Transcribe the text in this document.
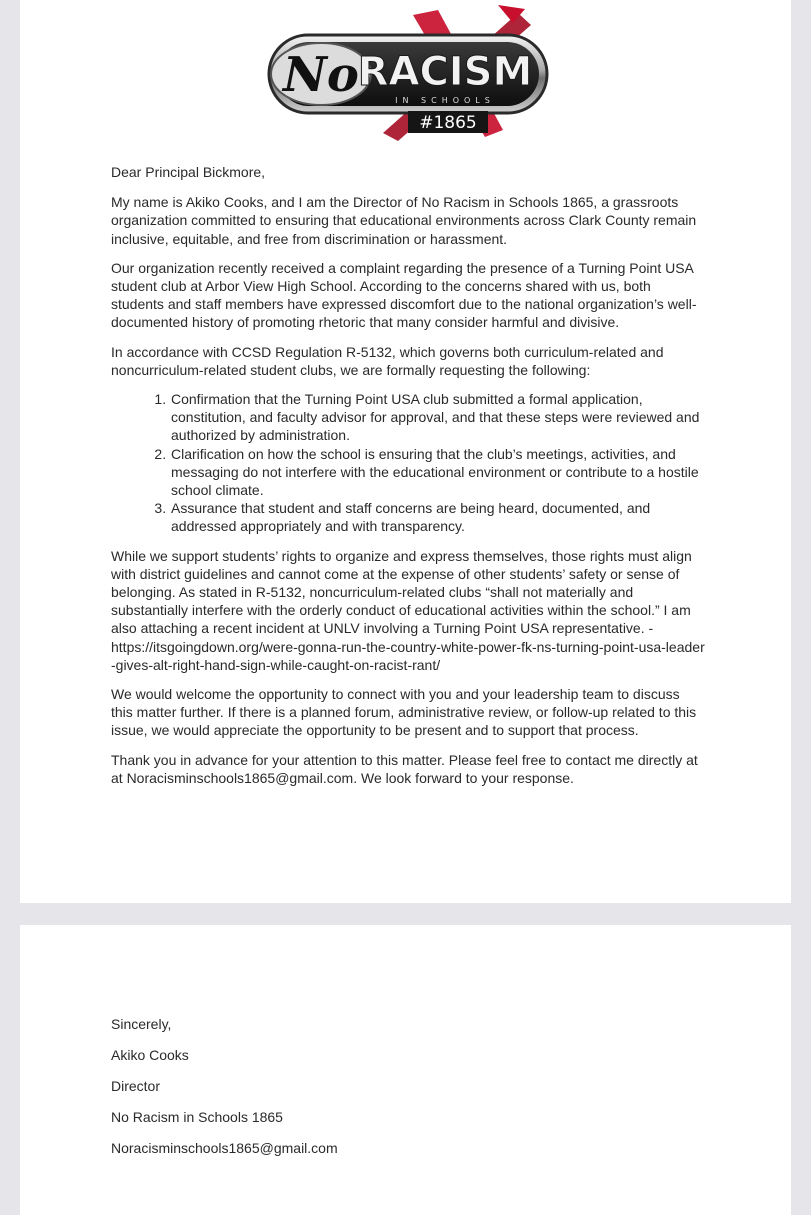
No
RACISM
IN SCHOOLS
#1865

Dear Principal Bickmore,

My name is Akiko Cooks, and I am the Director of No Racism in Schools 1865, a grassroots organization committed to ensuring that educational environments across Clark County remain inclusive, equitable, and free from discrimination or harassment.

Our organization recently received a complaint regarding the presence of a Turning Point USA student club at Arbor View High School. According to the concerns shared with us, both students and staff members have expressed discomfort due to the national organization’s well-documented history of promoting rhetoric that many consider harmful and divisive.

In accordance with CCSD Regulation R-5132, which governs both curriculum-related and noncurriculum-related student clubs, we are formally requesting the following:

1. Confirmation that the Turning Point USA club submitted a formal application, constitution, and faculty advisor for approval, and that these steps were reviewed and authorized by administration.
2. Clarification on how the school is ensuring that the club’s meetings, activities, and messaging do not interfere with the educational environment or contribute to a hostile school climate.
3. Assurance that student and staff concerns are being heard, documented, and addressed appropriately and with transparency.

While we support students’ rights to organize and express themselves, those rights must align with district guidelines and cannot come at the expense of other students’ safety or sense of belonging. As stated in R-5132, noncurriculum-related clubs “shall not materially and substantially interfere with the orderly conduct of educational activities within the school.” I am also attaching a recent incident at UNLV involving a Turning Point USA representative. -
https://itsgoingdown.org/were-gonna-run-the-country-white-power-fk-ns-turning-point-usa-leader
-gives-alt-right-hand-sign-while-caught-on-racist-rant/

We would welcome the opportunity to connect with you and your leadership team to discuss this matter further. If there is a planned forum, administrative review, or follow-up related to this issue, we would appreciate the opportunity to be present and to support that process.

Thank you in advance for your attention to this matter. Please feel free to contact me directly at at Noracisminschools1865@gmail.com. We look forward to your response.

Sincerely,
Akiko Cooks
Director
No Racism in Schools 1865
Noracisminschools1865@gmail.com
